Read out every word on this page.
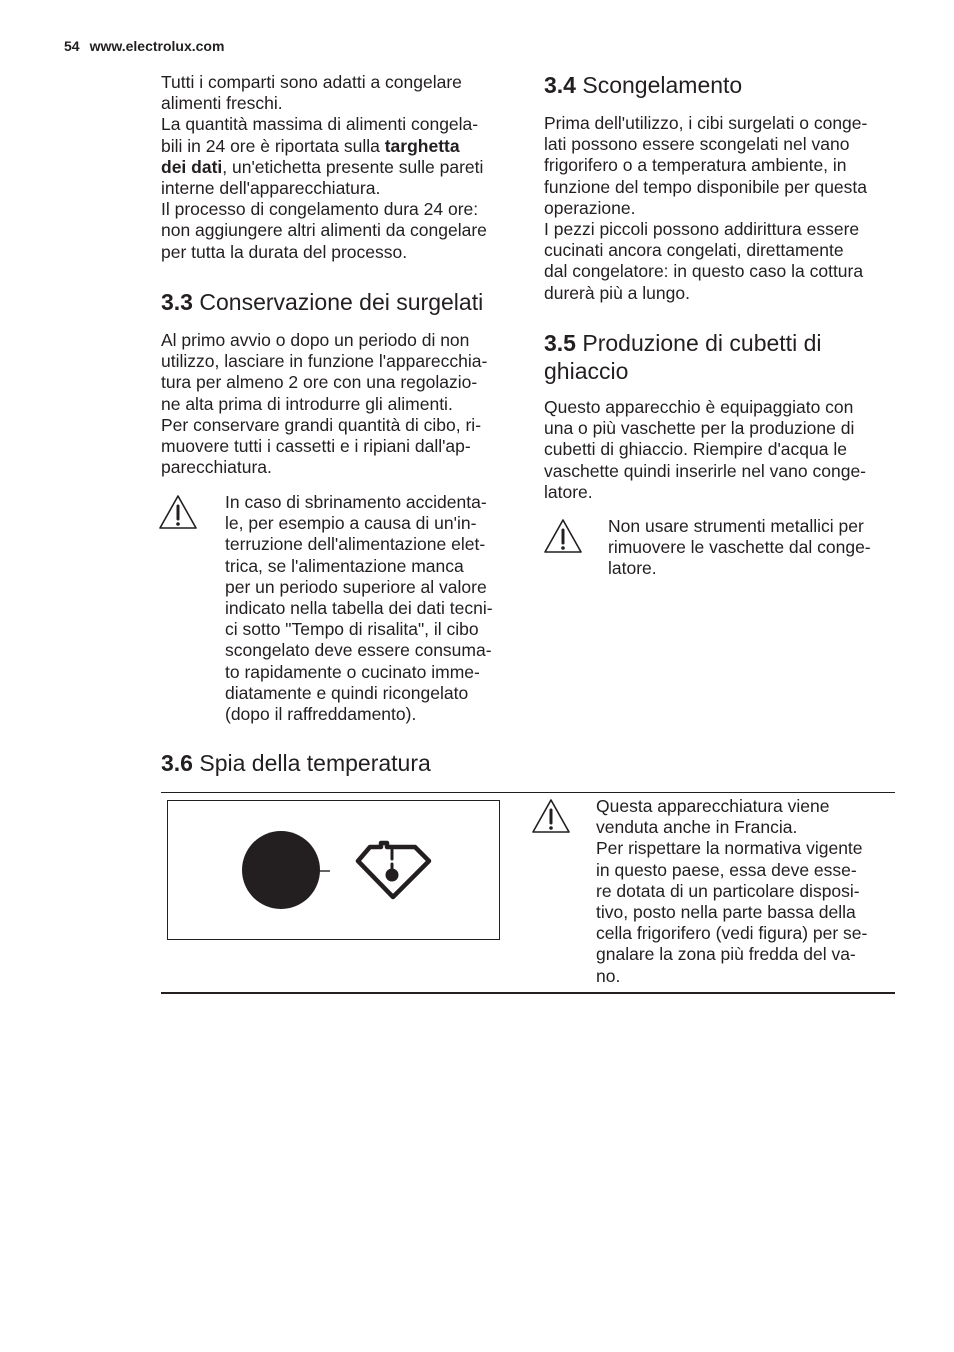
54 www.electrolux.com
Tutti i comparti sono adatti a congelare
alimenti freschi.
La quantità massima di alimenti congela-
bili in 24 ore è riportata sulla targhetta
dei dati, un'etichetta presente sulle pareti
interne dell'apparecchiatura.
Il processo di congelamento dura 24 ore:
non aggiungere altri alimenti da congelare
per tutta la durata del processo.
3.3 Conservazione dei surgelati
Al primo avvio o dopo un periodo di non
utilizzo, lasciare in funzione l'apparecchia-
tura per almeno 2 ore con una regolazio-
ne alta prima di introdurre gli alimenti.
Per conservare grandi quantità di cibo, ri-
muovere tutti i cassetti e i ripiani dall'ap-
parecchiatura.
In caso di sbrinamento accidenta-
le, per esempio a causa di un'in-
terruzione dell'alimentazione elet-
trica, se l'alimentazione manca
per un periodo superiore al valore
indicato nella tabella dei dati tecni-
ci sotto "Tempo di risalita", il cibo
scongelato deve essere consuma-
to rapidamente o cucinato imme-
diatamente e quindi ricongelato
(dopo il raffreddamento).
3.4 Scongelamento
Prima dell'utilizzo, i cibi surgelati o conge-
lati possono essere scongelati nel vano
frigorifero o a temperatura ambiente, in
funzione del tempo disponibile per questa
operazione.
I pezzi piccoli possono addirittura essere
cucinati ancora congelati, direttamente
dal congelatore: in questo caso la cottura
durerà più a lungo.
3.5 Produzione di cubetti di
ghiaccio
Questo apparecchio è equipaggiato con
una o più vaschette per la produzione di
cubetti di ghiaccio. Riempire d'acqua le
vaschette quindi inserirle nel vano conge-
latore.
Non usare strumenti metallici per
rimuovere le vaschette dal conge-
latore.
3.6 Spia della temperatura
Questa apparecchiatura viene
venduta anche in Francia.
Per rispettare la normativa vigente
in questo paese, essa deve esse-
re dotata di un particolare disposi-
tivo, posto nella parte bassa della
cella frigorifero (vedi figura) per se-
gnalare la zona più fredda del va-
no.
